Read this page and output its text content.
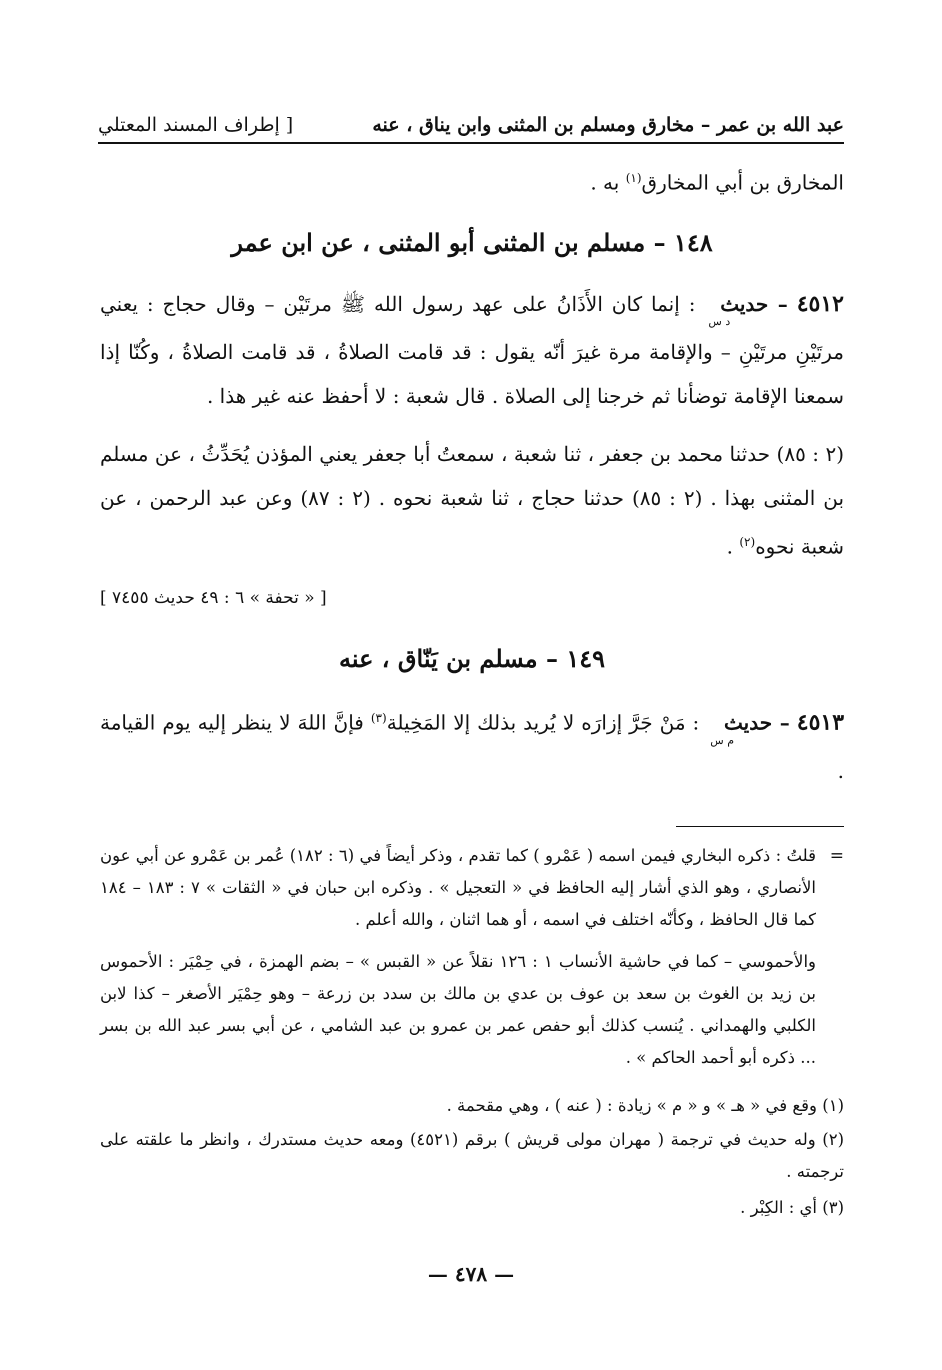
عبد الله بن عمر – مخارق ومسلم بن المثنى وابن يناق ، عنه
[ إطراف المسند المعتلي
المخارق بن أبي المخارق$^{(١)}$ به .
١٤٨ – مسلم بن المثنى أبو المثنى ، عن ابن عمر
٤٥١٢ – حديثد س : إنما كان الأَذَانُ على عهد رسول الله ﷺ مرتَيْن – وقال حجاج : يعني مرتَيْنِ مرتَيْنِ – والإقامة مرة غيرَ أنّه يقول : قد قامت الصلاةُ ، قد قامت الصلاةُ ، وكُنّا إذا سمعنا الإقامة توضأنا ثم خرجنا إلى الصلاة . قال شعبة : لا أحفظ عنه غير هذا .
(٢ : ٨٥) حدثنا محمد بن جعفر ، ثنا شعبة ، سمعتُ أبا جعفر يعني المؤذن يُحَدِّثُ ، عن مسلم بن المثنى بهذا . (٢ : ٨٥) حدثنا حجاج ، ثنا شعبة نحوه . (٢ : ٨٧) وعن عبد الرحمن ، عن شعبة نحوه$^{(٢)}$ .
[ « تحفة » ٦ : ٤٩ حديث ٧٤٥٥ ]
١٤٩ – مسلم بن يَنّاق ، عنه
٤٥١٣ – حديثم س : مَنْ جَرَّ إزارَه لا يُريد بذلك إلا المَخِيلة$^{(٣)}$ فإنَّ اللهَ لا ينظر إليه يوم القيامة .
قلتُ : ذكره البخاري فيمن اسمه ( عَمْرو ) كما تقدم ، وذكر أيضاً في (٦ : ١٨٢) عُمر بن عَمْرو عن أبي عون الأنصاري ، وهو الذي أشار إليه الحافظ في « التعجيل » . وذكره ابن حبان في « الثقات » ٧ : ١٨٣ – ١٨٤ كما قال الحافظ ، وكأنّه اختلف في اسمه ، أو هما اثنان ، والله أعلم .
=
والأحموسي – كما في حاشية الأنساب ١ : ١٢٦ نقلاً عن « القبس » – بضم الهمزة ، في حِمْيَر : الأحموس بن زيد بن الغوث بن سعد بن عوف بن عدي بن مالك بن سدد بن زرعة – وهو حِمْيَر الأصغر – كذا لابن الكلبي والهمداني . يُنسب كذلك أبو حفص عمر بن عمرو بن عبد الشامي ، عن أبي بسر عبد الله بن بسر ... ذكره أبو أحمد الحاكم » .
(١) وقع في « هـ » و « م » زيادة : ( عنه ) ، وهي مقحمة .
(٢) وله حديث في ترجمة ( مهران مولى قريش ) برقم (٤٥٢١) ومعه حديث مستدرك ، وانظر ما علقته على ترجمته .
(٣) أي : الكِبْر .
— ٤٧٨ —
